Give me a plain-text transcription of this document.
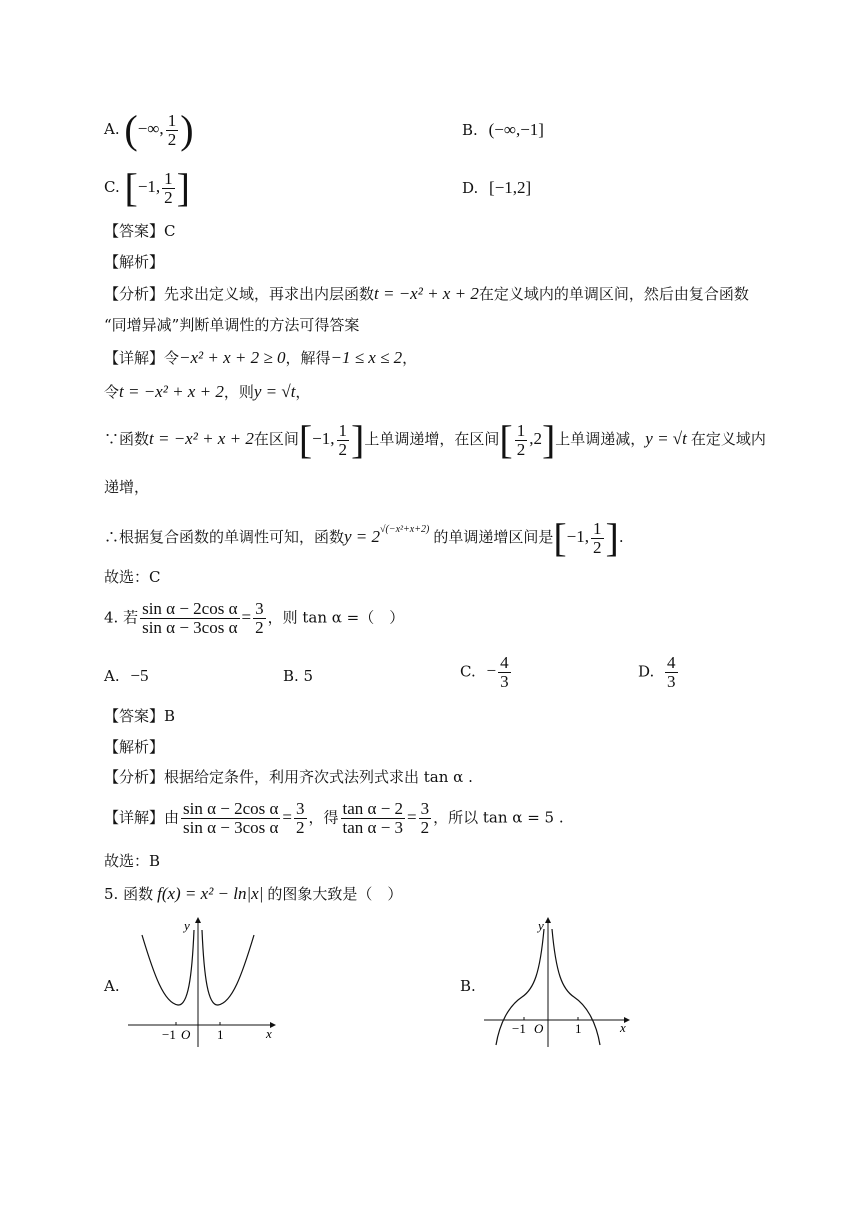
A. (−∞, $\frac{1}{2}$ )	B. (−∞,−1]
C. [−1, $\frac{1}{2}$ ]	D. [−1,2]
【答案】C
【解析】
【分析】先求出定义域，再求出内层函数t = −x² + x + 2在定义域内的单调区间，然后由复合函数
“同增异减”判断单调性的方法可得答案
【详解】令−x² + x + 2 ≥ 0，解得−1 ≤ x ≤ 2，
令t = −x² + x + 2，则y = √t，
∵函数t = −x² + x + 2在区间[−1, $\frac{1}{2}$ ]上单调递增，在区间[ $\frac{1}{2} ,2$]上单调递减，y = √t 在定义域内
递增，
∴根据复合函数的单调性可知，函数$y = 2^{√(-x^2+x+2)}$ 的单调递增区间是[−1, $\frac{1}{2}$ ].
故选：C
4. 若 $\frac{\text{sin α − 2cos α}}{\text{sin α − 3cos α}} = \frac{3}{2}$ ，则 tan α =（　）
A. −5	B. 5	C. − $\frac{4}{3}$	D. $\frac{4}{3}$
【答案】B
【解析】
【分析】根据给定条件，利用齐次式法列式求出 tan α .
【详解】由 $\frac{\text{sin α − 2cos α}}{\text{sin α − 3cos α}} = \frac{3}{2}$ ，得 $\frac{\text{tan α − 2}}{\text{tan α − 3}} = \frac{3}{2}$ ，所以 tan α = 5 .
故选：B
5. 函数 f(x) = x² − ln|x| 的图象大致是（　）
A.	B.
y
x
−1 O 1
y
x
−1 O 1
